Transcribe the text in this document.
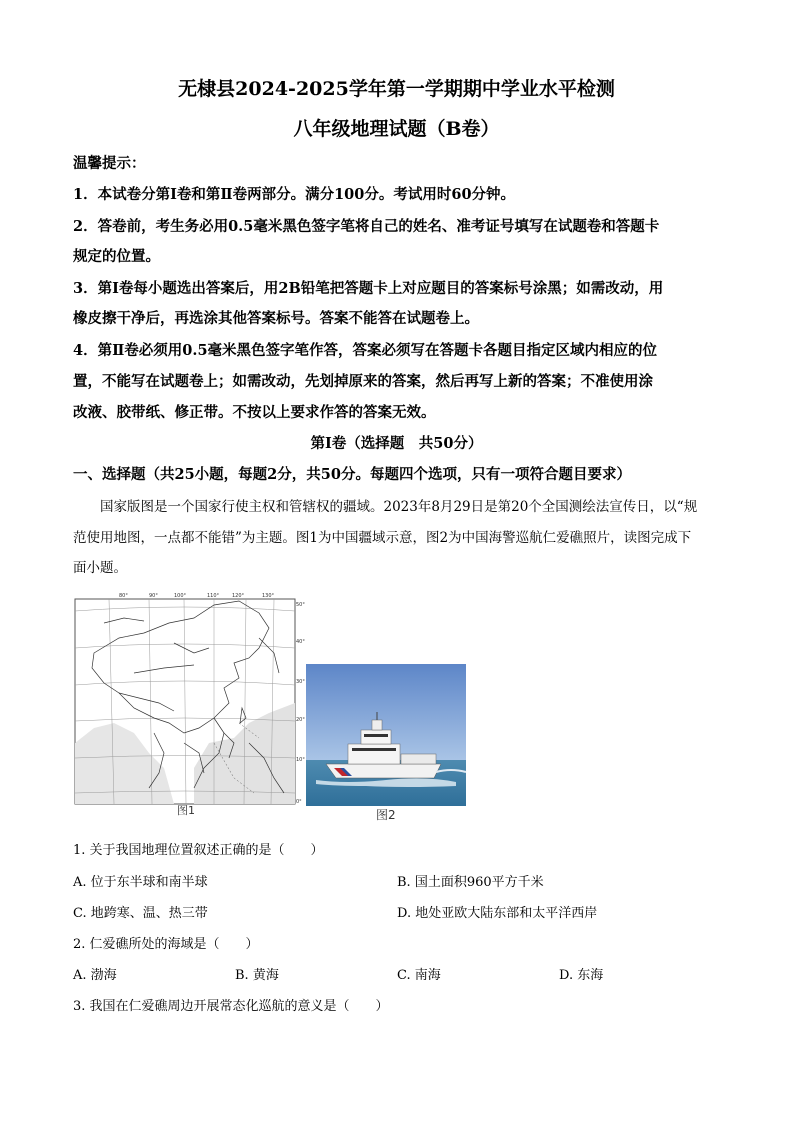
无棣县2024-2025学年第一学期期中学业水平检测
八年级地理试题（B卷）
温馨提示：
1．本试卷分第Ⅰ卷和第Ⅱ卷两部分。满分100分。考试用时60分钟。
2．答卷前，考生务必用0.5毫米黑色签字笔将自己的姓名、准考证号填写在试题卷和答题卡
规定的位置。
3．第Ⅰ卷每小题选出答案后，用2B铅笔把答题卡上对应题目的答案标号涂黑；如需改动，用
橡皮擦干净后，再选涂其他答案标号。答案不能答在试题卷上。
4．第Ⅱ卷必须用0.5毫米黑色签字笔作答，答案必须写在答题卡各题目指定区域内相应的位
置，不能写在试题卷上；如需改动，先划掉原来的答案，然后再写上新的答案；不准使用涂
改液、胶带纸、修正带。不按以上要求作答的答案无效。
第Ⅰ卷（选择题　共50分）
一、选择题（共25小题，每题2分，共50分。每题四个选项，只有一项符合题目要求）
国家版图是一个国家行使主权和管辖权的疆域。2023年8月29日是第20个全国测绘法宣传日，以“规
范使用地图，一点都不能错”为主题。图1为中国疆域示意，图2为中国海警巡航仁爱礁照片，读图完成下
面小题。
80°	90°	100°	110°	120°	130°
50°
40°
30°
20°
10°
0°
图1	图2
1. 关于我国地理位置叙述正确的是（　　）
A. 位于东半球和南半球	B. 国土面积960平方千米
C. 地跨寒、温、热三带	D. 地处亚欧大陆东部和太平洋西岸
2. 仁爱礁所处的海域是（　　）
A. 渤海	B. 黄海	C. 南海	D. 东海
3. 我国在仁爱礁周边开展常态化巡航的意义是（　　）
